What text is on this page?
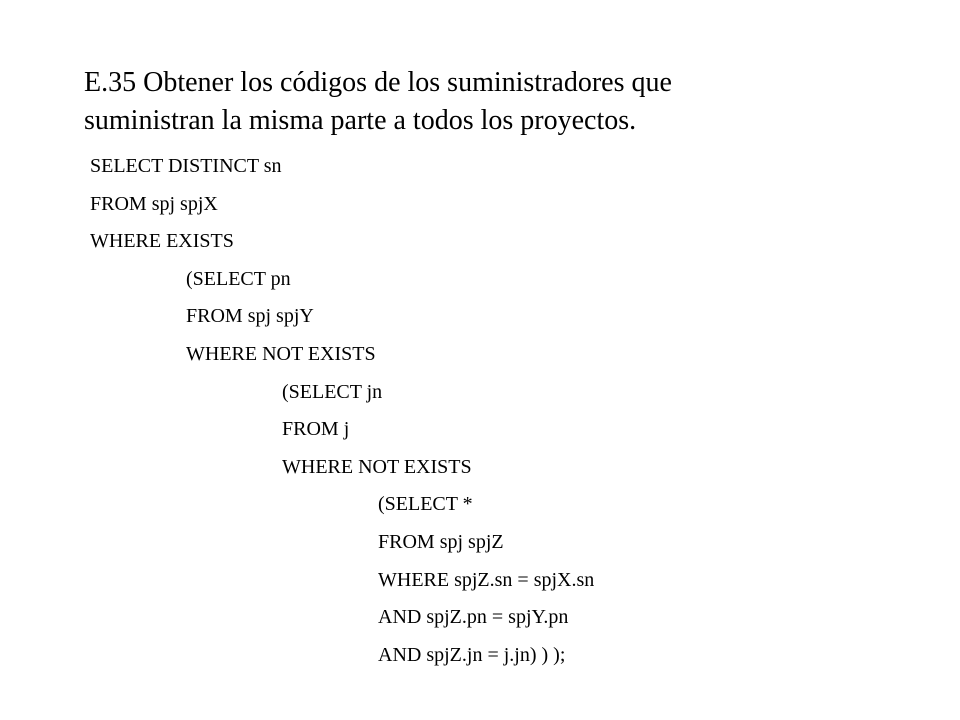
E.35 Obtener los códigos de los suministradores que
suministran la misma parte a todos los proyectos.
SELECT DISTINCT sn
FROM spj spjX
WHERE EXISTS
(SELECT pn
FROM spj spjY
WHERE NOT EXISTS
(SELECT jn
FROM j
WHERE NOT EXISTS
(SELECT *
FROM spj spjZ
WHERE spjZ.sn = spjX.sn
AND spjZ.pn = spjY.pn
AND spjZ.jn = j.jn) ) );
